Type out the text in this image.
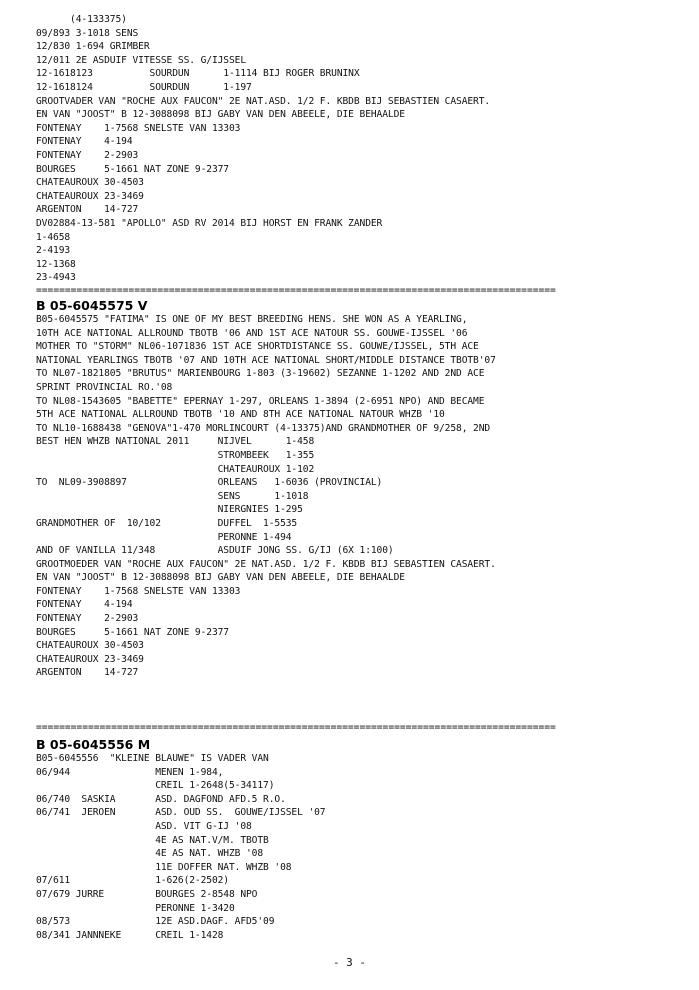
(4-133375)
09/893 3-1018 SENS
12/830 1-694 GRIMBER
12/011 2E ASDUIF VITESSE SS. G/IJSSEL
12-1618123          SOURDUN      1-1114 BIJ ROGER BRUNINX
12-1618124          SOURDUN      1-197
GROOTVADER VAN "ROCHE AUX FAUCON" 2E NAT.ASD. 1/2 F. KBDB BIJ SEBASTIEN CASAERT.
EN VAN "JOOST" B 12-3088098 BIJ GABY VAN DEN ABEELE, DIE BEHAALDE
FONTENAY    1-7568 SNELSTE VAN 13303
FONTENAY    4-194
FONTENAY    2-2903
BOURGES     5-1661 NAT ZONE 9-2377
CHATEAUROUX 30-4503
CHATEAUROUX 23-3469
ARGENTON    14-727
DV02884-13-581 "APOLLO" ASD RV 2014 BIJ HORST EN FRANK ZANDER
1-4658
2-4193
12-1368
23-4943
==========================================================================================
B 05-6045575 V
B05-6045575 "FATIMA" IS ONE OF MY BEST BREEDING HENS. SHE WON AS A YEARLING,
10TH ACE NATIONAL ALLROUND TBOTB '06 AND 1ST ACE NATOUR SS. GOUWE-IJSSEL '06
MOTHER TO "STORM" NL06-1071836 1ST ACE SHORTDISTANCE SS. GOUWE/IJSSEL, 5TH ACE
NATIONAL YEARLINGS TBOTB '07 AND 10TH ACE NATIONAL SHORT/MIDDLE DISTANCE TBOTB'07
TO NL07-1821805 "BRUTUS" MARIENBOURG 1-803 (3-19602) SEZANNE 1-1202 AND 2ND ACE
SPRINT PROVINCIAL RO.'08
TO NL08-1543605 "BABETTE" EPERNAY 1-297, ORLEANS 1-3894 (2-6951 NPO) AND BECAME
5TH ACE NATIONAL ALLROUND TBOTB '10 AND 8TH ACE NATIONAL NATOUR WHZB '10
TO NL10-1688438 "GENOVA"1-470 MORLINCOURT (4-13375)AND GRANDMOTHER OF 9/258, 2ND
BEST HEN WHZB NATIONAL 2011     NIJVEL      1-458
STROMBEEK   1-355
CHATEAUROUX 1-102
TO  NL09-3908897                ORLEANS   1-6036 (PROVINCIAL)
SENS      1-1018
NIERGNIES 1-295
GRANDMOTHER OF  10/102          DUFFEL  1-5535
PERONNE 1-494
AND OF VANILLA 11/348           ASDUIF JONG SS. G/IJ (6X 1:100)
GROOTMOEDER VAN "ROCHE AUX FAUCON" 2E NAT.ASD. 1/2 F. KBDB BIJ SEBASTIEN CASAERT.
EN VAN "JOOST" B 12-3088098 BIJ GABY VAN DEN ABEELE, DIE BEHAALDE
FONTENAY    1-7568 SNELSTE VAN 13303
FONTENAY    4-194
FONTENAY    2-2903
BOURGES     5-1661 NAT ZONE 9-2377
CHATEAUROUX 30-4503
CHATEAUROUX 23-3469
ARGENTON    14-727
==========================================================================================
B 05-6045556 M
B05-6045556  "KLEINE BLAUWE" IS VADER VAN
06/944               MENEN 1-984,
CREIL 1-2648(5-34117)
06/740  SASKIA       ASD. DAGFOND AFD.5 R.O.
06/741  JEROEN       ASD. OUD SS.  GOUWE/IJSSEL '07
ASD. VIT G-IJ '08
4E AS NAT.V/M. TBOTB
4E AS NAT. WHZB '08
11E DOFFER NAT. WHZB '08
07/611               1-626(2-2502)
07/679 JURRE         BOURGES 2-8548 NPO
PERONNE 1-3420
08/573               12E ASD.DAGF. AFD5'09
08/341 JANNNEKE      CREIL 1-1428
- 3 -
